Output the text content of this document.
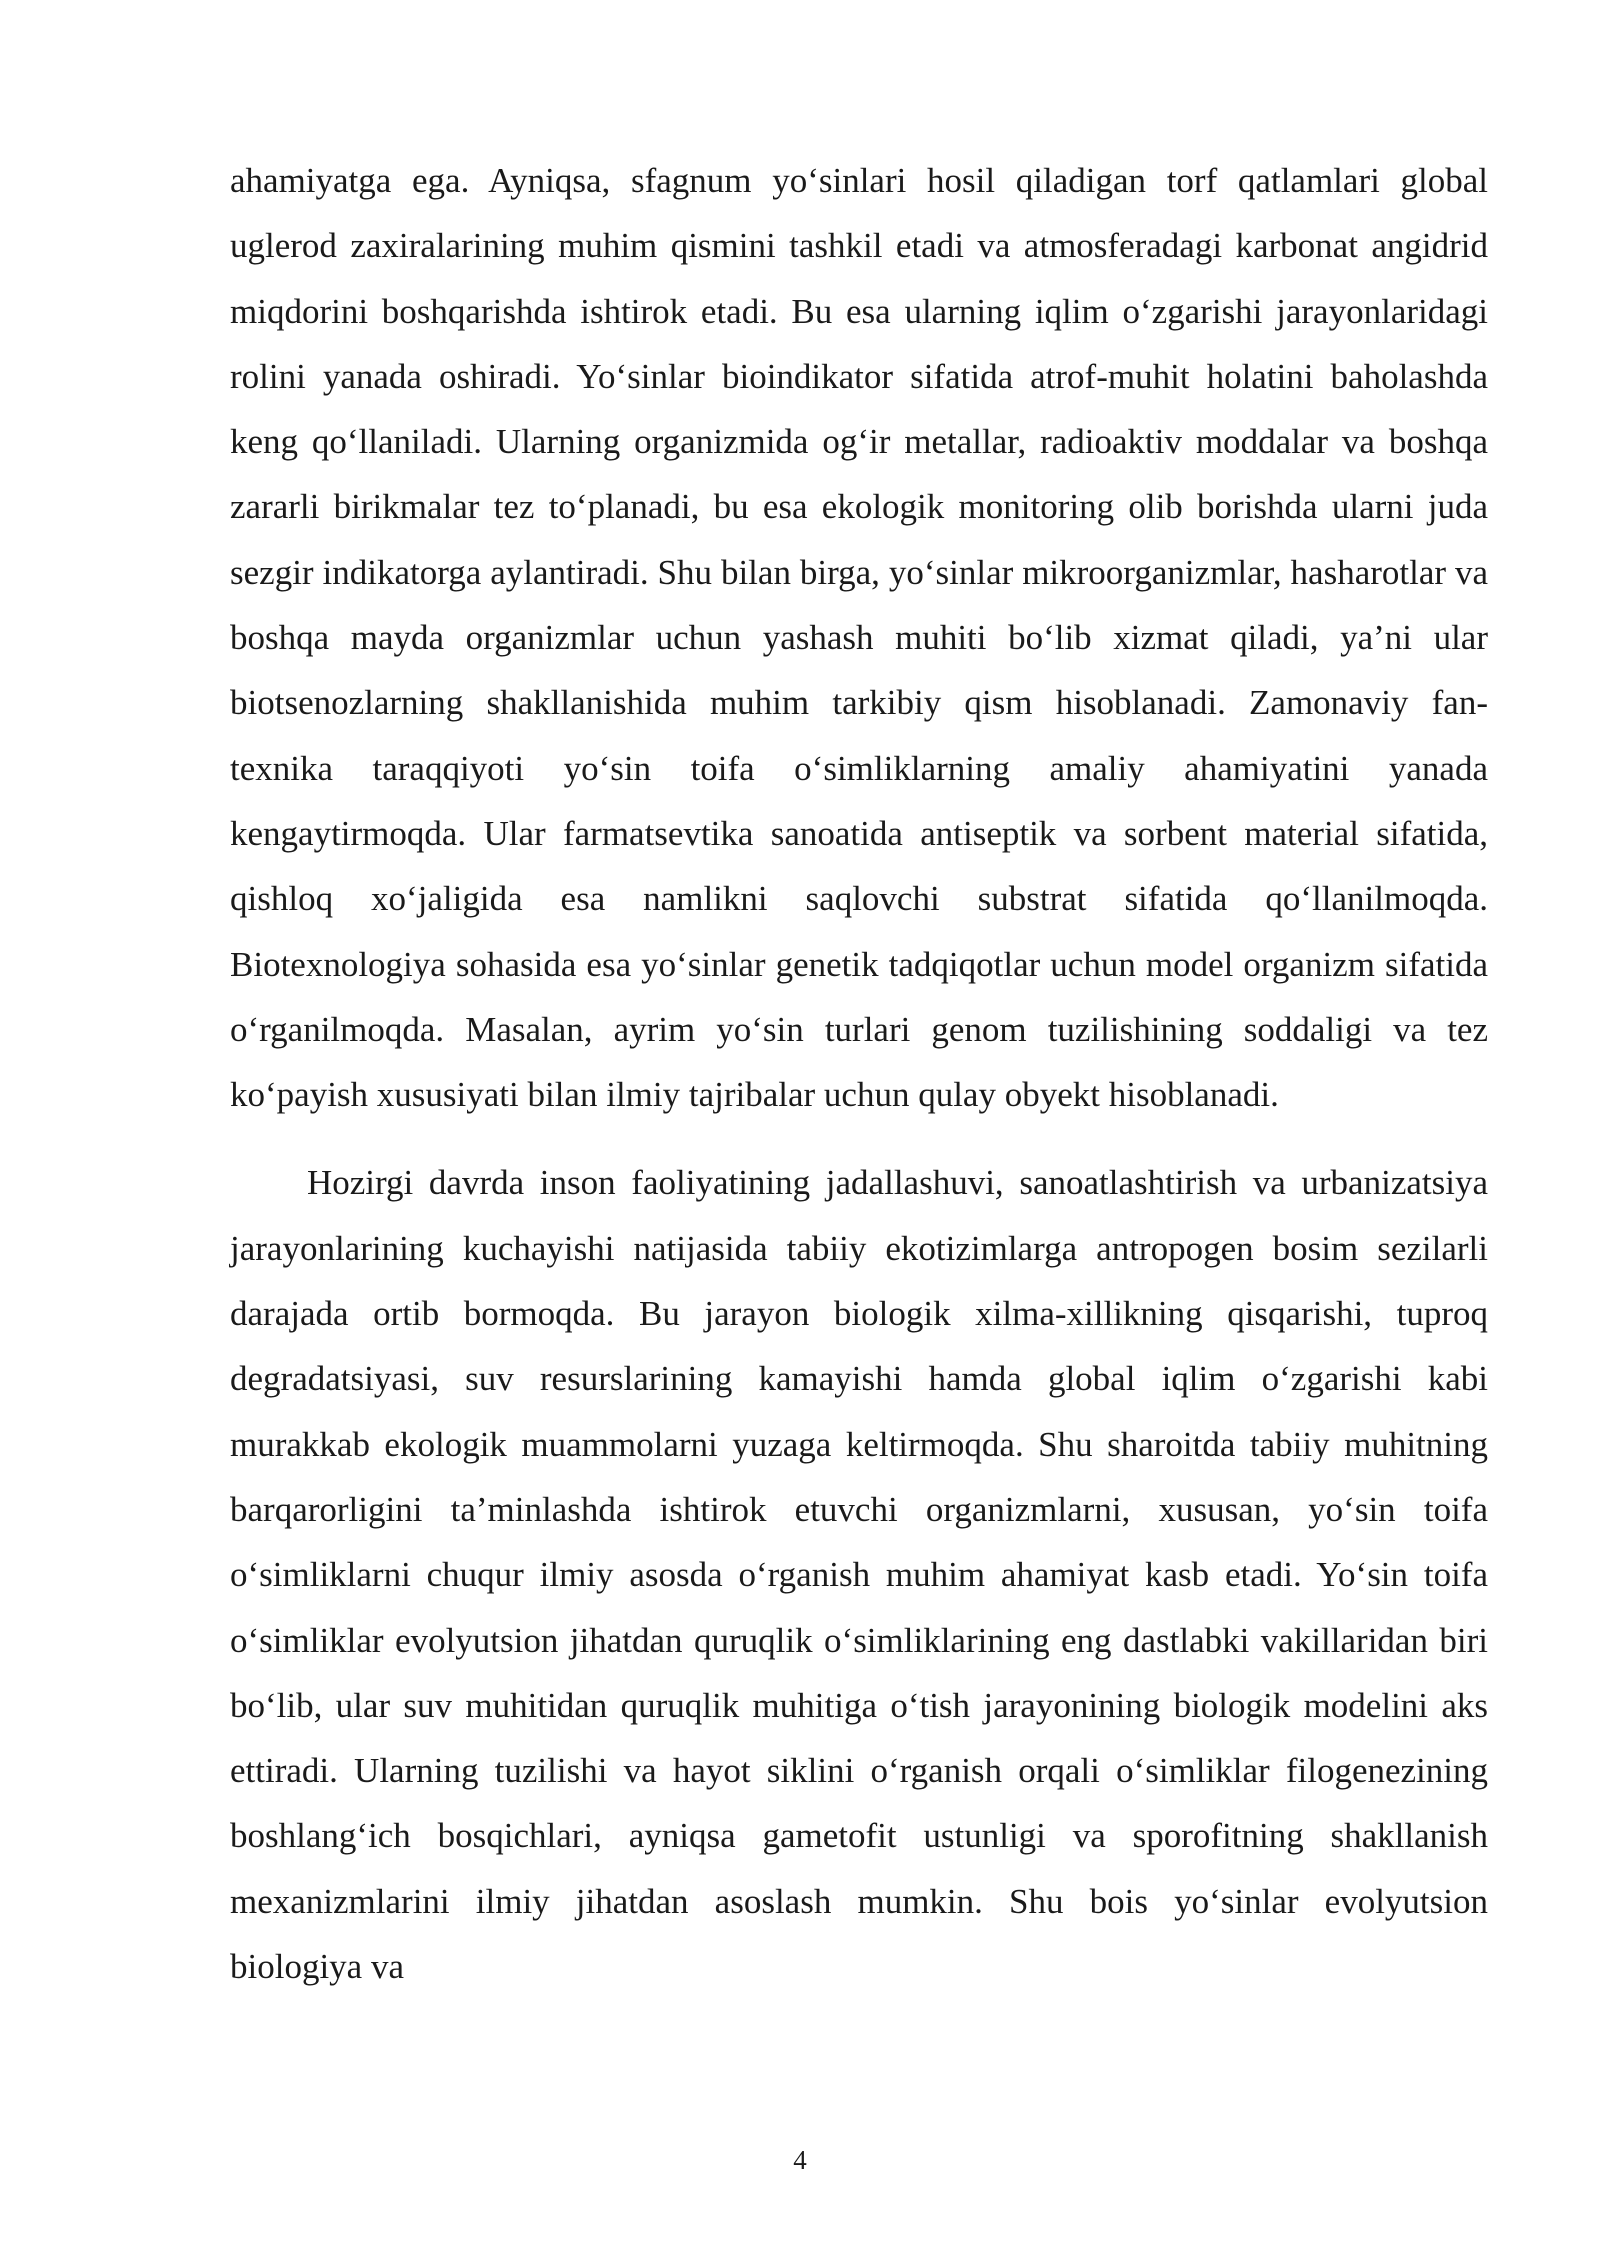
ahamiyatga ega. Ayniqsa, sfagnum yo‘sinlari hosil qiladigan torf qatlamlari global uglerod zaxiralarining muhim qismini tashkil etadi va atmosferadagi karbonat angidrid miqdorini boshqarishda ishtirok etadi. Bu esa ularning iqlim o‘zgarishi jarayonlaridagi rolini yanada oshiradi. Yo‘sinlar bioindikator sifatida atrof-muhit holatini baholashda keng qo‘llaniladi. Ularning organizmida og‘ir metallar, radioaktiv moddalar va boshqa zararli birikmalar tez to‘planadi, bu esa ekologik monitoring olib borishda ularni juda sezgir indikatorga aylantiradi. Shu bilan birga, yo‘sinlar mikroorganizmlar, hasharotlar va boshqa mayda organizmlar uchun yashash muhiti bo‘lib xizmat qiladi, ya’ni ular biotsenozlarning shakllanishida muhim tarkibiy qism hisoblanadi. Zamonaviy fan-texnika taraqqiyoti yo‘sin toifa o‘simliklarning amaliy ahamiyatini yanada kengaytirmoqda. Ular farmatsevtika sanoatida antiseptik va sorbent material sifatida, qishloq xo‘jaligida esa namlikni saqlovchi substrat sifatida qo‘llanilmoqda. Biotexnologiya sohasida esa yo‘sinlar genetik tadqiqotlar uchun model organizm sifatida o‘rganilmoqda. Masalan, ayrim yo‘sin turlari genom tuzilishining soddaligi va tez ko‘payish xususiyati bilan ilmiy tajribalar uchun qulay obyekt hisoblanadi.

Hozirgi davrda inson faoliyatining jadallashuvi, sanoatlashtirish va urbanizatsiya jarayonlarining kuchayishi natijasida tabiiy ekotizimlarga antropogen bosim sezilarli darajada ortib bormoqda. Bu jarayon biologik xilma-xillikning qisqarishi, tuproq degradatsiyasi, suv resurslarining kamayishi hamda global iqlim o‘zgarishi kabi murakkab ekologik muammolarni yuzaga keltirmoqda. Shu sharoitda tabiiy muhitning barqarorligini ta’minlashda ishtirok etuvchi organizmlarni, xususan, yo‘sin toifa o‘simliklarni chuqur ilmiy asosda o‘rganish muhim ahamiyat kasb etadi. Yo‘sin toifa o‘simliklar evolyutsion jihatdan quruqlik o‘simliklarining eng dastlabki vakillaridan biri bo‘lib, ular suv muhitidan quruqlik muhitiga o‘tish jarayonining biologik modelini aks ettiradi. Ularning tuzilishi va hayot siklini o‘rganish orqali o‘simliklar filogenezining boshlang‘ich bosqichlari, ayniqsa gametofit ustunligi va sporofitning shakllanish mexanizmlarini ilmiy jihatdan asoslash mumkin. Shu bois yo‘sinlar evolyutsion biologiya va

4
